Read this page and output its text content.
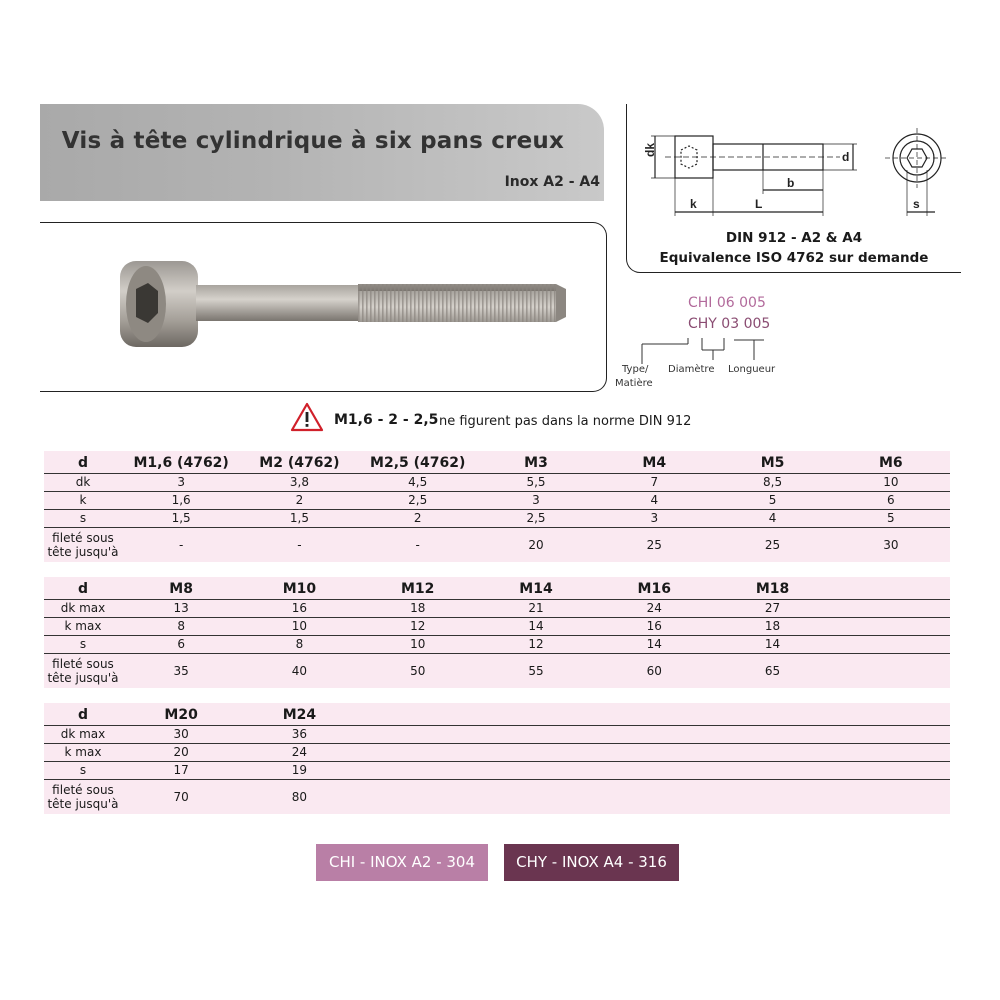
Vis à tête cylindrique à six pans creux
Inox A2 - A4
dk	d
k	L
b
s
DIN 912 - A2 & A4
Equivalence ISO 4762 sur demande
CHI 06 005
CHY 03 005
Type/
Matière
Diamètre Longueur
M1,6 - 2 - 2,5 ne figurent pas dans la norme DIN 912
d	M1,6 (4762)	M2 (4762)	M2,5 (4762)	M3	M4	M5	M6
dk	3	3,8	4,5	5,5	7	8,5	10
k	1,6	2	2,5	3	4	5	6
s	1,5	1,5	2	2,5	3	4	5
fileté sous tête jusqu'à	-	-	-	20	25	25	30
d	M8	M10	M12	M14	M16	M18	
dk max	13	16	18	21	24	27	
k max	8	10	12	14	16	18	
s	6	8	10	12	14	14	
fileté sous tête jusqu'à	35	40	50	55	60	65	
d	M20	M24					
dk max	30	36					
k max	20	24					
s	17	19					
fileté sous tête jusqu'à	70	80					
CHI - INOX A2 - 304	CHY - INOX A4 - 316
